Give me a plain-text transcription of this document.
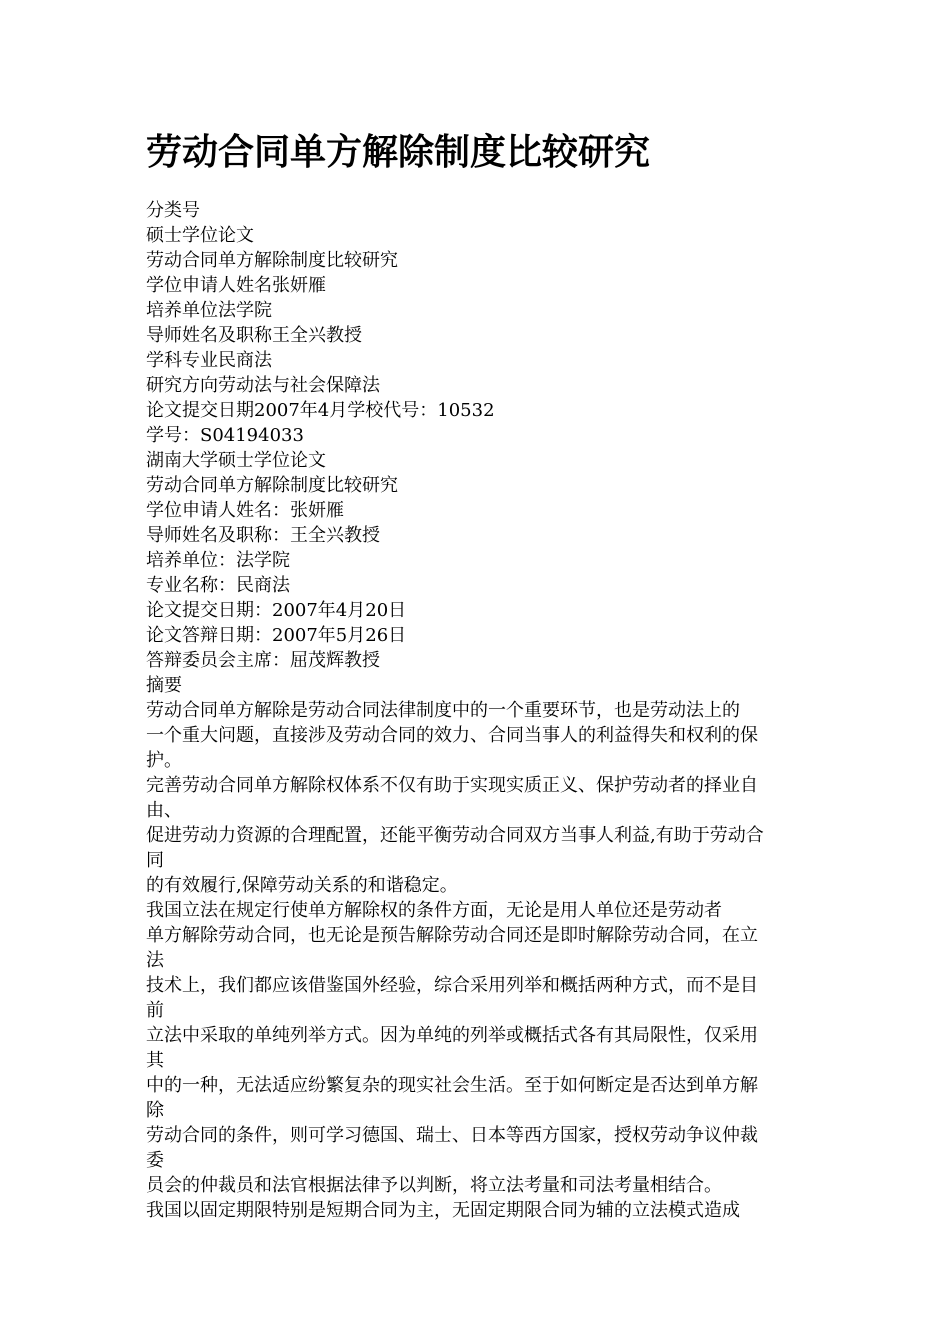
劳动合同单方解除制度比较研究
分类号
硕士学位论文
劳动合同单方解除制度比较研究
学位申请人姓名张妍雁
培养单位法学院
导师姓名及职称王全兴教授
学科专业民商法
研究方向劳动法与社会保障法
论文提交日期2007年4月学校代号：10532
学号：S04194033
湖南大学硕士学位论文
劳动合同单方解除制度比较研究
学位申请人姓名：张妍雁
导师姓名及职称：王全兴教授
培养单位：法学院
专业名称：民商法
论文提交日期：2007年4月20日
论文答辩日期：2007年5月26日
答辩委员会主席：屈茂辉教授
摘要
劳动合同单方解除是劳动合同法律制度中的一个重要环节，也是劳动法上的
一个重大问题，直接涉及劳动合同的效力、合同当事人的利益得失和权利的保
护。
完善劳动合同单方解除权体系不仅有助于实现实质正义、保护劳动者的择业自
由、
促进劳动力资源的合理配置，还能平衡劳动合同双方当事人利益,有助于劳动合
同
的有效履行,保障劳动关系的和谐稳定。
我国立法在规定行使单方解除权的条件方面，无论是用人单位还是劳动者
单方解除劳动合同，也无论是预告解除劳动合同还是即时解除劳动合同，在立
法
技术上，我们都应该借鉴国外经验，综合采用列举和概括两种方式，而不是目
前
立法中采取的单纯列举方式。因为单纯的列举或概括式各有其局限性，仅采用
其
中的一种，无法适应纷繁复杂的现实社会生活。至于如何断定是否达到单方解
除
劳动合同的条件，则可学习德国、瑞士、日本等西方国家，授权劳动争议仲裁
委
员会的仲裁员和法官根据法律予以判断，将立法考量和司法考量相结合。
我国以固定期限特别是短期合同为主，无固定期限合同为辅的立法模式造成
